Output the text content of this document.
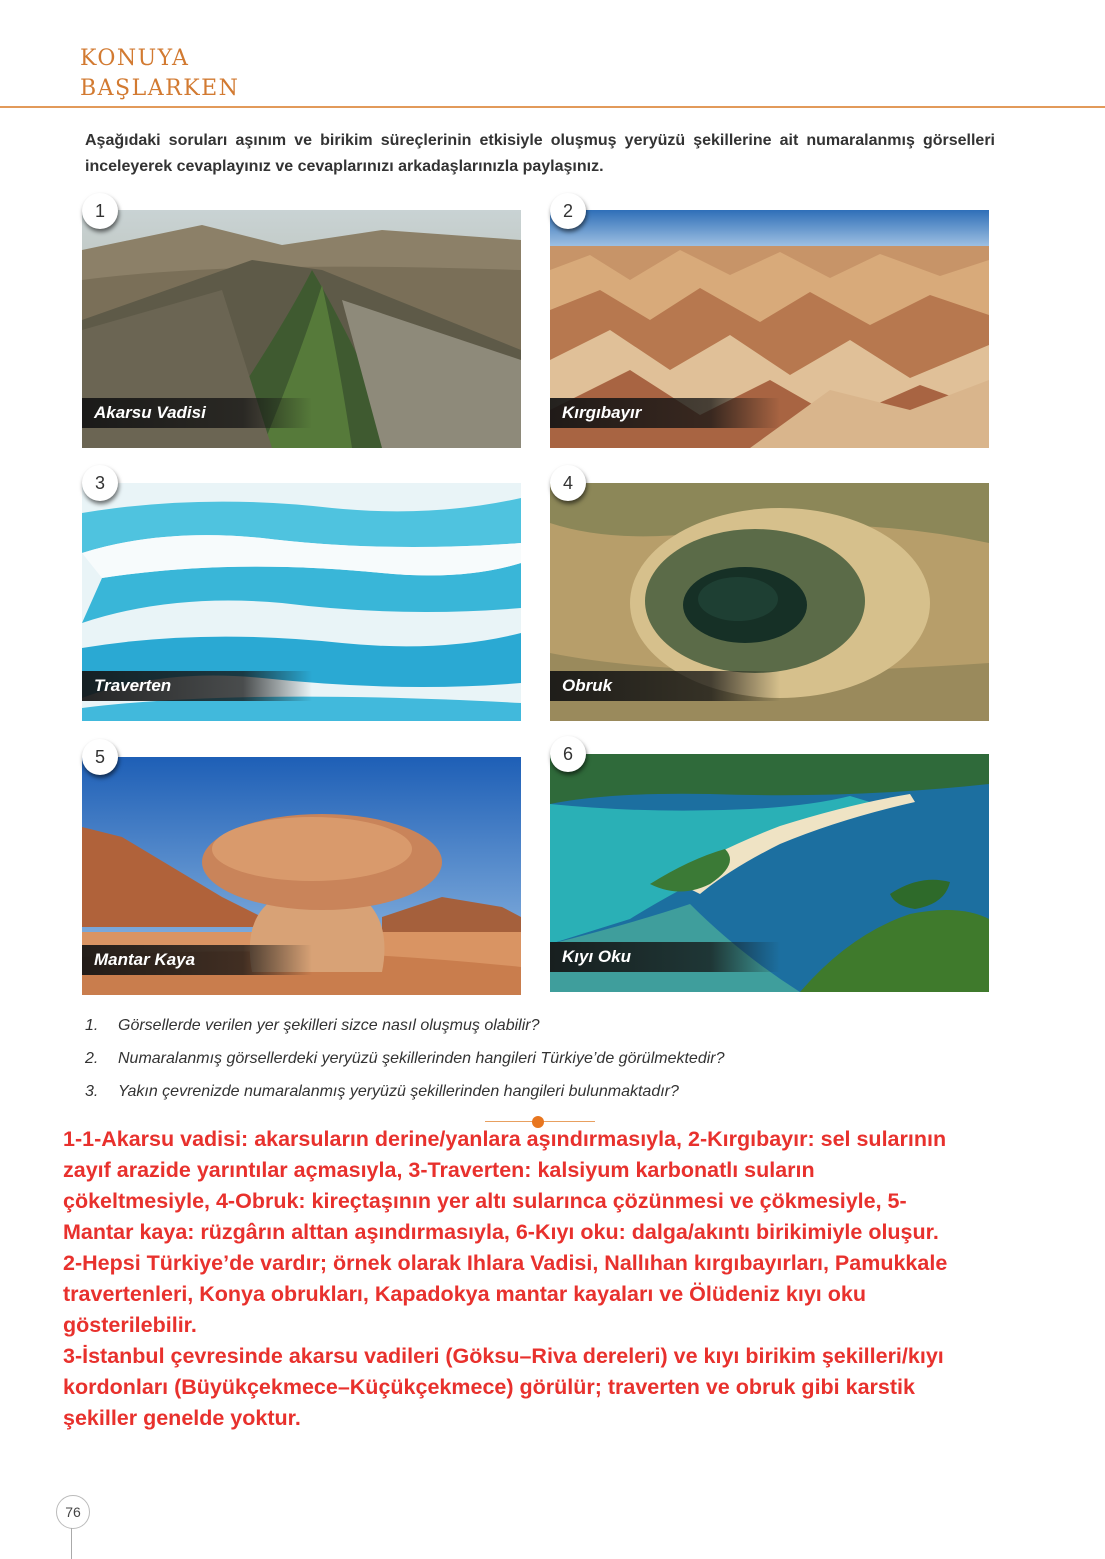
KONUYA
BAŞLARKEN
Aşağıdaki soruları aşınım ve birikim süreçlerinin etkisiyle oluşmuş yeryüzü şekillerine ait numaralanmış görselleri inceleyerek cevaplayınız ve cevaplarınızı arkadaşlarınızla paylaşınız.
Akarsu Vadisi
1
Kırgıbayır
2
Traverten
3
Obruk
4
Mantar Kaya
5
Kıyı Oku
6
1. Görsellerde verilen yer şekilleri sizce nasıl oluşmuş olabilir?
2. Numaralanmış görsellerdeki yeryüzü şekillerinden hangileri Türkiye’de görülmektedir?
3. Yakın çevrenizde numaralanmış yeryüzü şekillerinden hangileri bulunmaktadır?
1-1-Akarsu vadisi: akarsuların derine/yanlara aşındırmasıyla, 2-Kırgıbayır: sel sularının
zayıf arazide yarıntılar açmasıyla, 3-Traverten: kalsiyum karbonatlı suların
çökeltmesiyle, 4-Obruk: kireçtaşının yer altı sularınca çözünmesi ve çökmesiyle, 5-
Mantar kaya: rüzgârın alttan aşındırmasıyla, 6-Kıyı oku: dalga/akıntı birikimiyle oluşur.
2-Hepsi Türkiye’de vardır; örnek olarak Ihlara Vadisi, Nallıhan kırgıbayırları, Pamukkale
travertenleri, Konya obrukları, Kapadokya mantar kayaları ve Ölüdeniz kıyı oku
gösterilebilir.
3-İstanbul çevresinde akarsu vadileri (Göksu–Riva dereleri) ve kıyı birikim şekilleri/kıyı
kordonları (Büyükçekmece–Küçükçekmece) görülür; traverten ve obruk gibi karstik
şekiller genelde yoktur.
76
